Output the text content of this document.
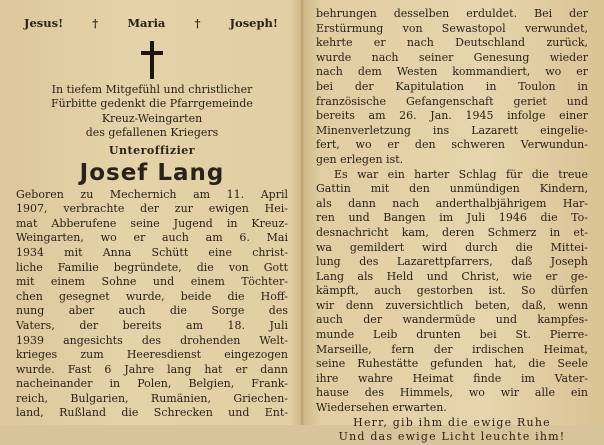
Jesus!	†	Maria	†	Joseph!
In tiefem Mitgefühl und christlicher
Fürbitte gedenkt die Pfarrgemeinde
Kreuz-Weingarten
des gefallenen Kriegers
Unteroffizier
Josef Lang
Geboren zu Mechernich am 11. April
1907, verbrachte der zur ewigen Hei-
mat Abberufene seine Jugend in Kreuz-
Weingarten, wo er auch am 6. Mai
1934 mit Anna Schütt eine christ-
liche Familie begründete, die von Gott
mit einem Sohne und einem Töchter-
chen gesegnet wurde, beide die Hoff-
nung aber auch die Sorge des
Vaters, der bereits am 18. Juli
1939 angesichts des drohenden Welt-
krieges zum Heeresdienst eingezogen
wurde. Fast 6 Jahre lang hat er dann
nacheinander in Polen, Belgien, Frank-
reich, Bulgarien, Rumänien, Griechen-
land, Rußland die Schrecken und Ent-
behrungen desselben erduldet. Bei der
Erstürmung von Sewastopol verwundet,
kehrte er nach Deutschland zurück,
wurde nach seiner Genesung wieder
nach dem Westen kommandiert, wo er
bei der Kapitulation in Toulon in
französische Gefangenschaft geriet und
bereits am 26. Jan. 1945 infolge einer
Minenverletzung ins Lazarett eingelie-
fert, wo er den schweren Verwundun-
gen erlegen ist.
Es war ein harter Schlag für die treue
Gattin mit den unmündigen Kindern,
als dann nach anderthalbjährigem Har-
ren und Bangen im Juli 1946 die To-
desnachricht kam, deren Schmerz in et-
wa gemildert wird durch die Mittei-
lung des Lazarettpfarrers, daß Joseph
Lang als Held und Christ, wie er ge-
kämpft, auch gestorben ist. So dürfen
wir denn zuversichtlich beten, daß, wenn
auch der wandermüde und kampfes-
munde Leib drunten bei St. Pierre-
Marseille, fern der irdischen Heimat,
seine Ruhestätte gefunden hat, die Seele
ihre wahre Heimat finde im Vater-
hause des Himmels, wo wir alle ein
Wiedersehen erwarten.
Herr, gib ihm die ewige Ruhe
Und das ewige Licht leuchte ihm!
